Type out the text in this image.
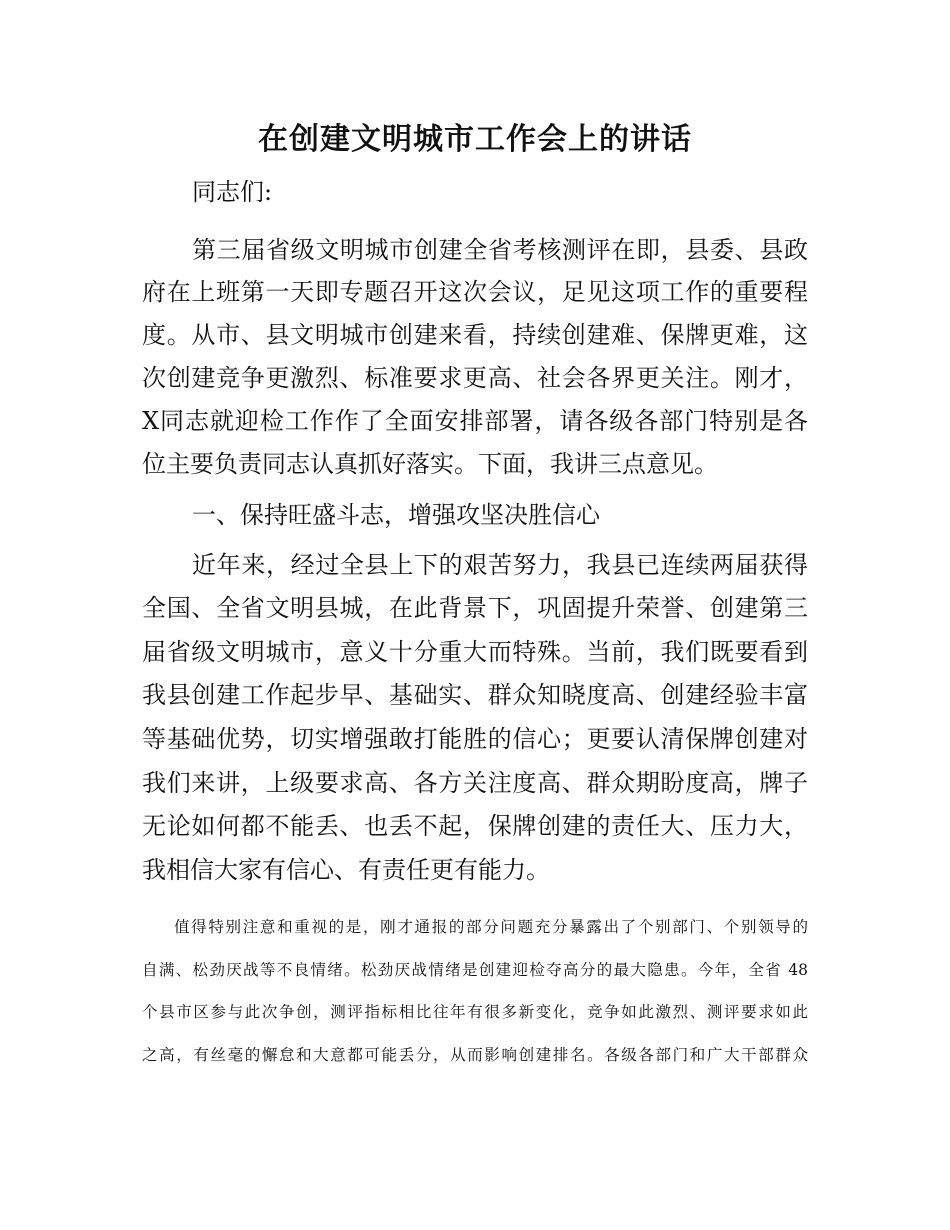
在创建文明城市工作会上的讲话
同志们:
第三届省级文明城市创建全省考核测评在即，县委、县政
府在上班第一天即专题召开这次会议，足见这项工作的重要程
度。从市、县文明城市创建来看，持续创建难、保牌更难，这
次创建竞争更激烈、标准要求更高、社会各界更关注。刚才，
X同志就迎检工作作了全面安排部署，请各级各部门特别是各
位主要负责同志认真抓好落实。下面，我讲三点意见。
一、保持旺盛斗志，增强攻坚决胜信心
近年来，经过全县上下的艰苦努力，我县已连续两届获得
全国、全省文明县城，在此背景下，巩固提升荣誉、创建第三
届省级文明城市，意义十分重大而特殊。当前，我们既要看到
我县创建工作起步早、基础实、群众知晓度高、创建经验丰富
等基础优势，切实增强敢打能胜的信心；更要认清保牌创建对
我们来讲，上级要求高、各方关注度高、群众期盼度高，牌子
无论如何都不能丢、也丢不起，保牌创建的责任大、压力大，
我相信大家有信心、有责任更有能力。
值得特别注意和重视的是，刚才通报的部分问题充分暴露出了个别部门、个别领导的
自满、松劲厌战等不良情绪。松劲厌战情绪是创建迎检夺高分的最大隐患。今年，全省 48
个县市区参与此次争创，测评指标相比往年有很多新变化，竞争如此激烈、测评要求如此
之高，有丝毫的懈怠和大意都可能丢分，从而影响创建排名。各级各部门和广大干部群众
